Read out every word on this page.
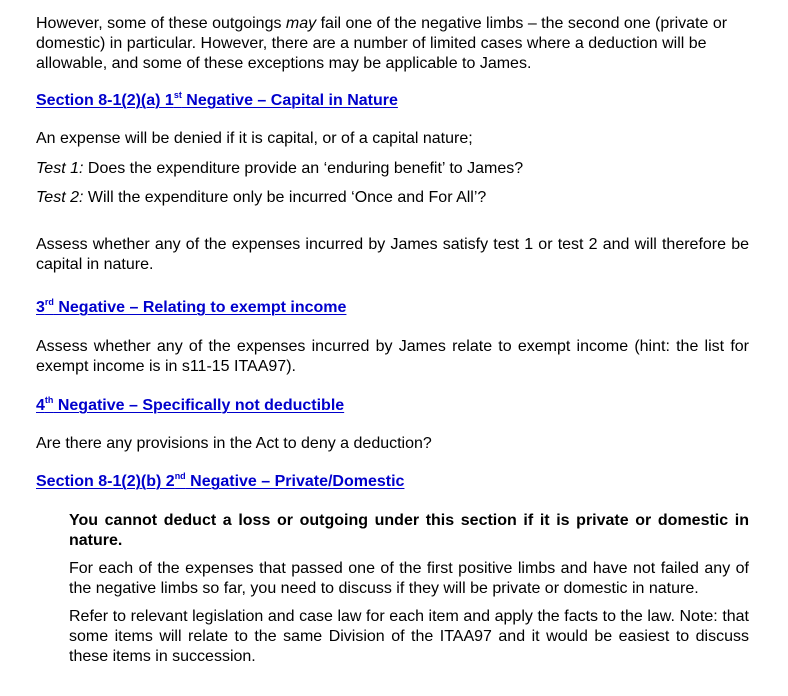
However, some of these outgoings may fail one of the negative limbs – the second one (private or domestic) in particular. However, there are a number of limited cases where a deduction will be allowable, and some of these exceptions may be applicable to James.

Section 8-1(2)(a) 1st Negative – Capital in Nature

An expense will be denied if it is capital, or of a capital nature;

Test 1: Does the expenditure provide an ‘enduring benefit’ to James?

Test 2: Will the expenditure only be incurred ‘Once and For All’?

Assess whether any of the expenses incurred by James satisfy test 1 or test 2 and will therefore be capital in nature.

3rd Negative – Relating to exempt income

Assess whether any of the expenses incurred by James relate to exempt income (hint: the list for exempt income is in s11-15 ITAA97).

4th Negative – Specifically not deductible

Are there any provisions in the Act to deny a deduction?

Section 8-1(2)(b) 2nd Negative – Private/Domestic

You cannot deduct a loss or outgoing under this section if it is private or domestic in nature.

For each of the expenses that passed one of the first positive limbs and have not failed any of the negative limbs so far, you need to discuss if they will be private or domestic in nature.

Refer to relevant legislation and case law for each item and apply the facts to the law. Note: that some items will relate to the same Division of the ITAA97 and it would be easiest to discuss these items in succession.
